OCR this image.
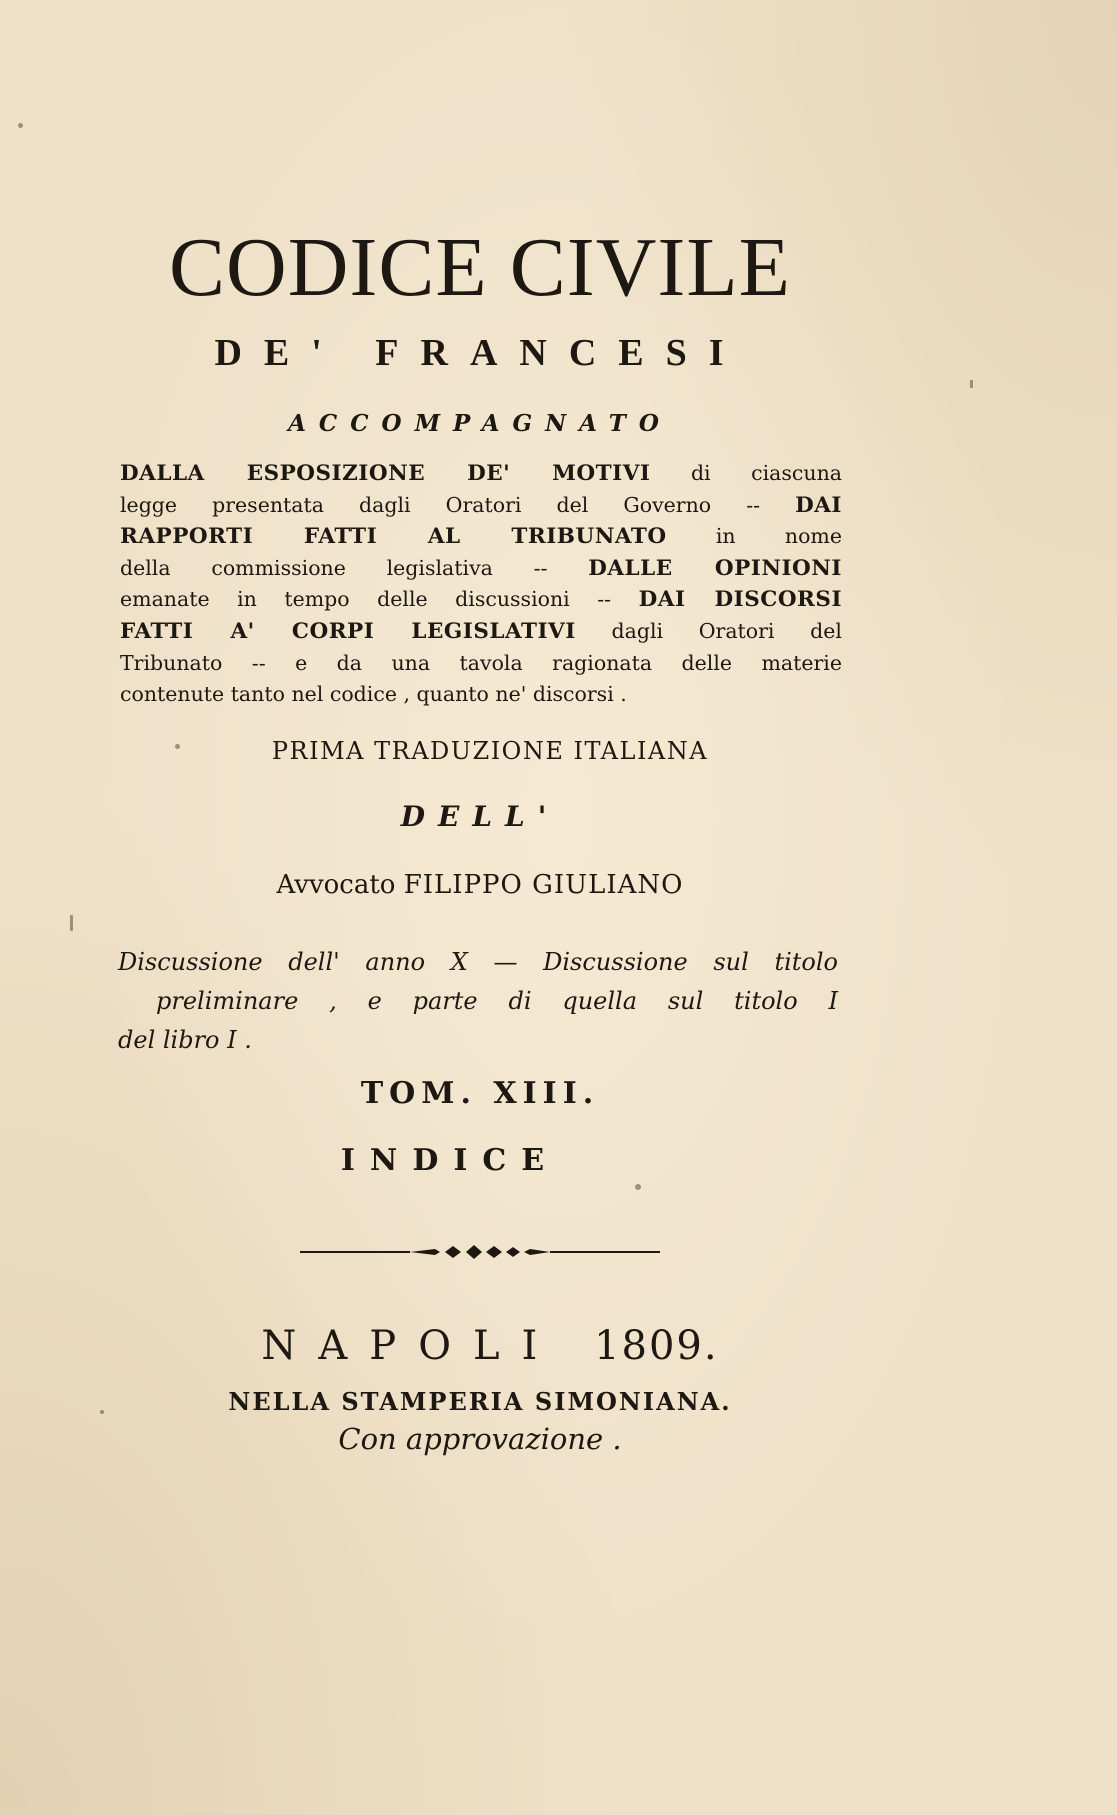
CODICE CIVILE
DE' FRANCESI
ACCOMPAGNATO
DALLA ESPOSIZIONE DE' MOTIVI di ciascuna
legge presentata dagli Oratori del Governo -- DAI
RAPPORTI FATTI AL TRIBUNATO in nome
della commissione legislativa -- DALLE OPINIONI
emanate in tempo delle discussioni -- DAI DISCORSI
FATTI A' CORPI LEGISLATIVI dagli Oratori del
Tribunato -- e da una tavola ragionata delle materie
contenute tanto nel codice , quanto ne' discorsi .
PRIMA TRADUZIONE ITALIANA
DELL'
Avvocato FILIPPO GIULIANO
Discussione dell' anno X — Discussione sul titolo
preliminare , e parte di quella sul titolo I
del libro I .
TOM. XIII.
INDICE
NAPOLI 1809.
NELLA STAMPERIA SIMONIANA.
Con approvazione .
